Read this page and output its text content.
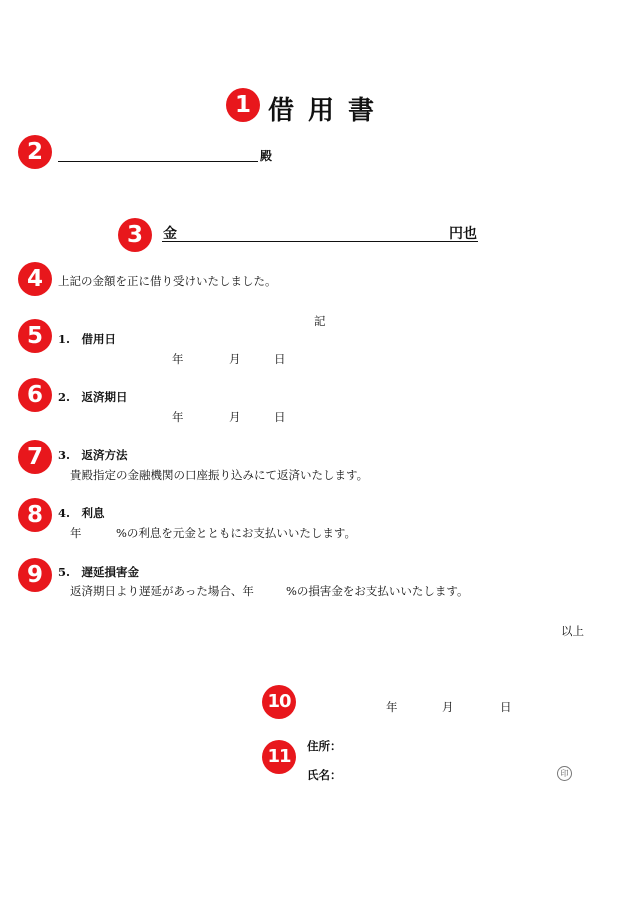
1
2
3
4
5
6
7
8
9
10
11
借用書
殿
金	円也
上記の金額を正に借り受けいたしました。
記
1.　借用日
年	月	日
2.　返済期日
年	月	日
3.　返済方法
貴殿指定の金融機関の口座振り込みにて返済いたします。
4.　利息
年	%の利息を元金とともにお支払いいたします。
5.　遅延損害金
返済期日より遅延があった場合、年	%の損害金をお支払いいたします。
以上
年	月	日
住所：
氏名：	印
